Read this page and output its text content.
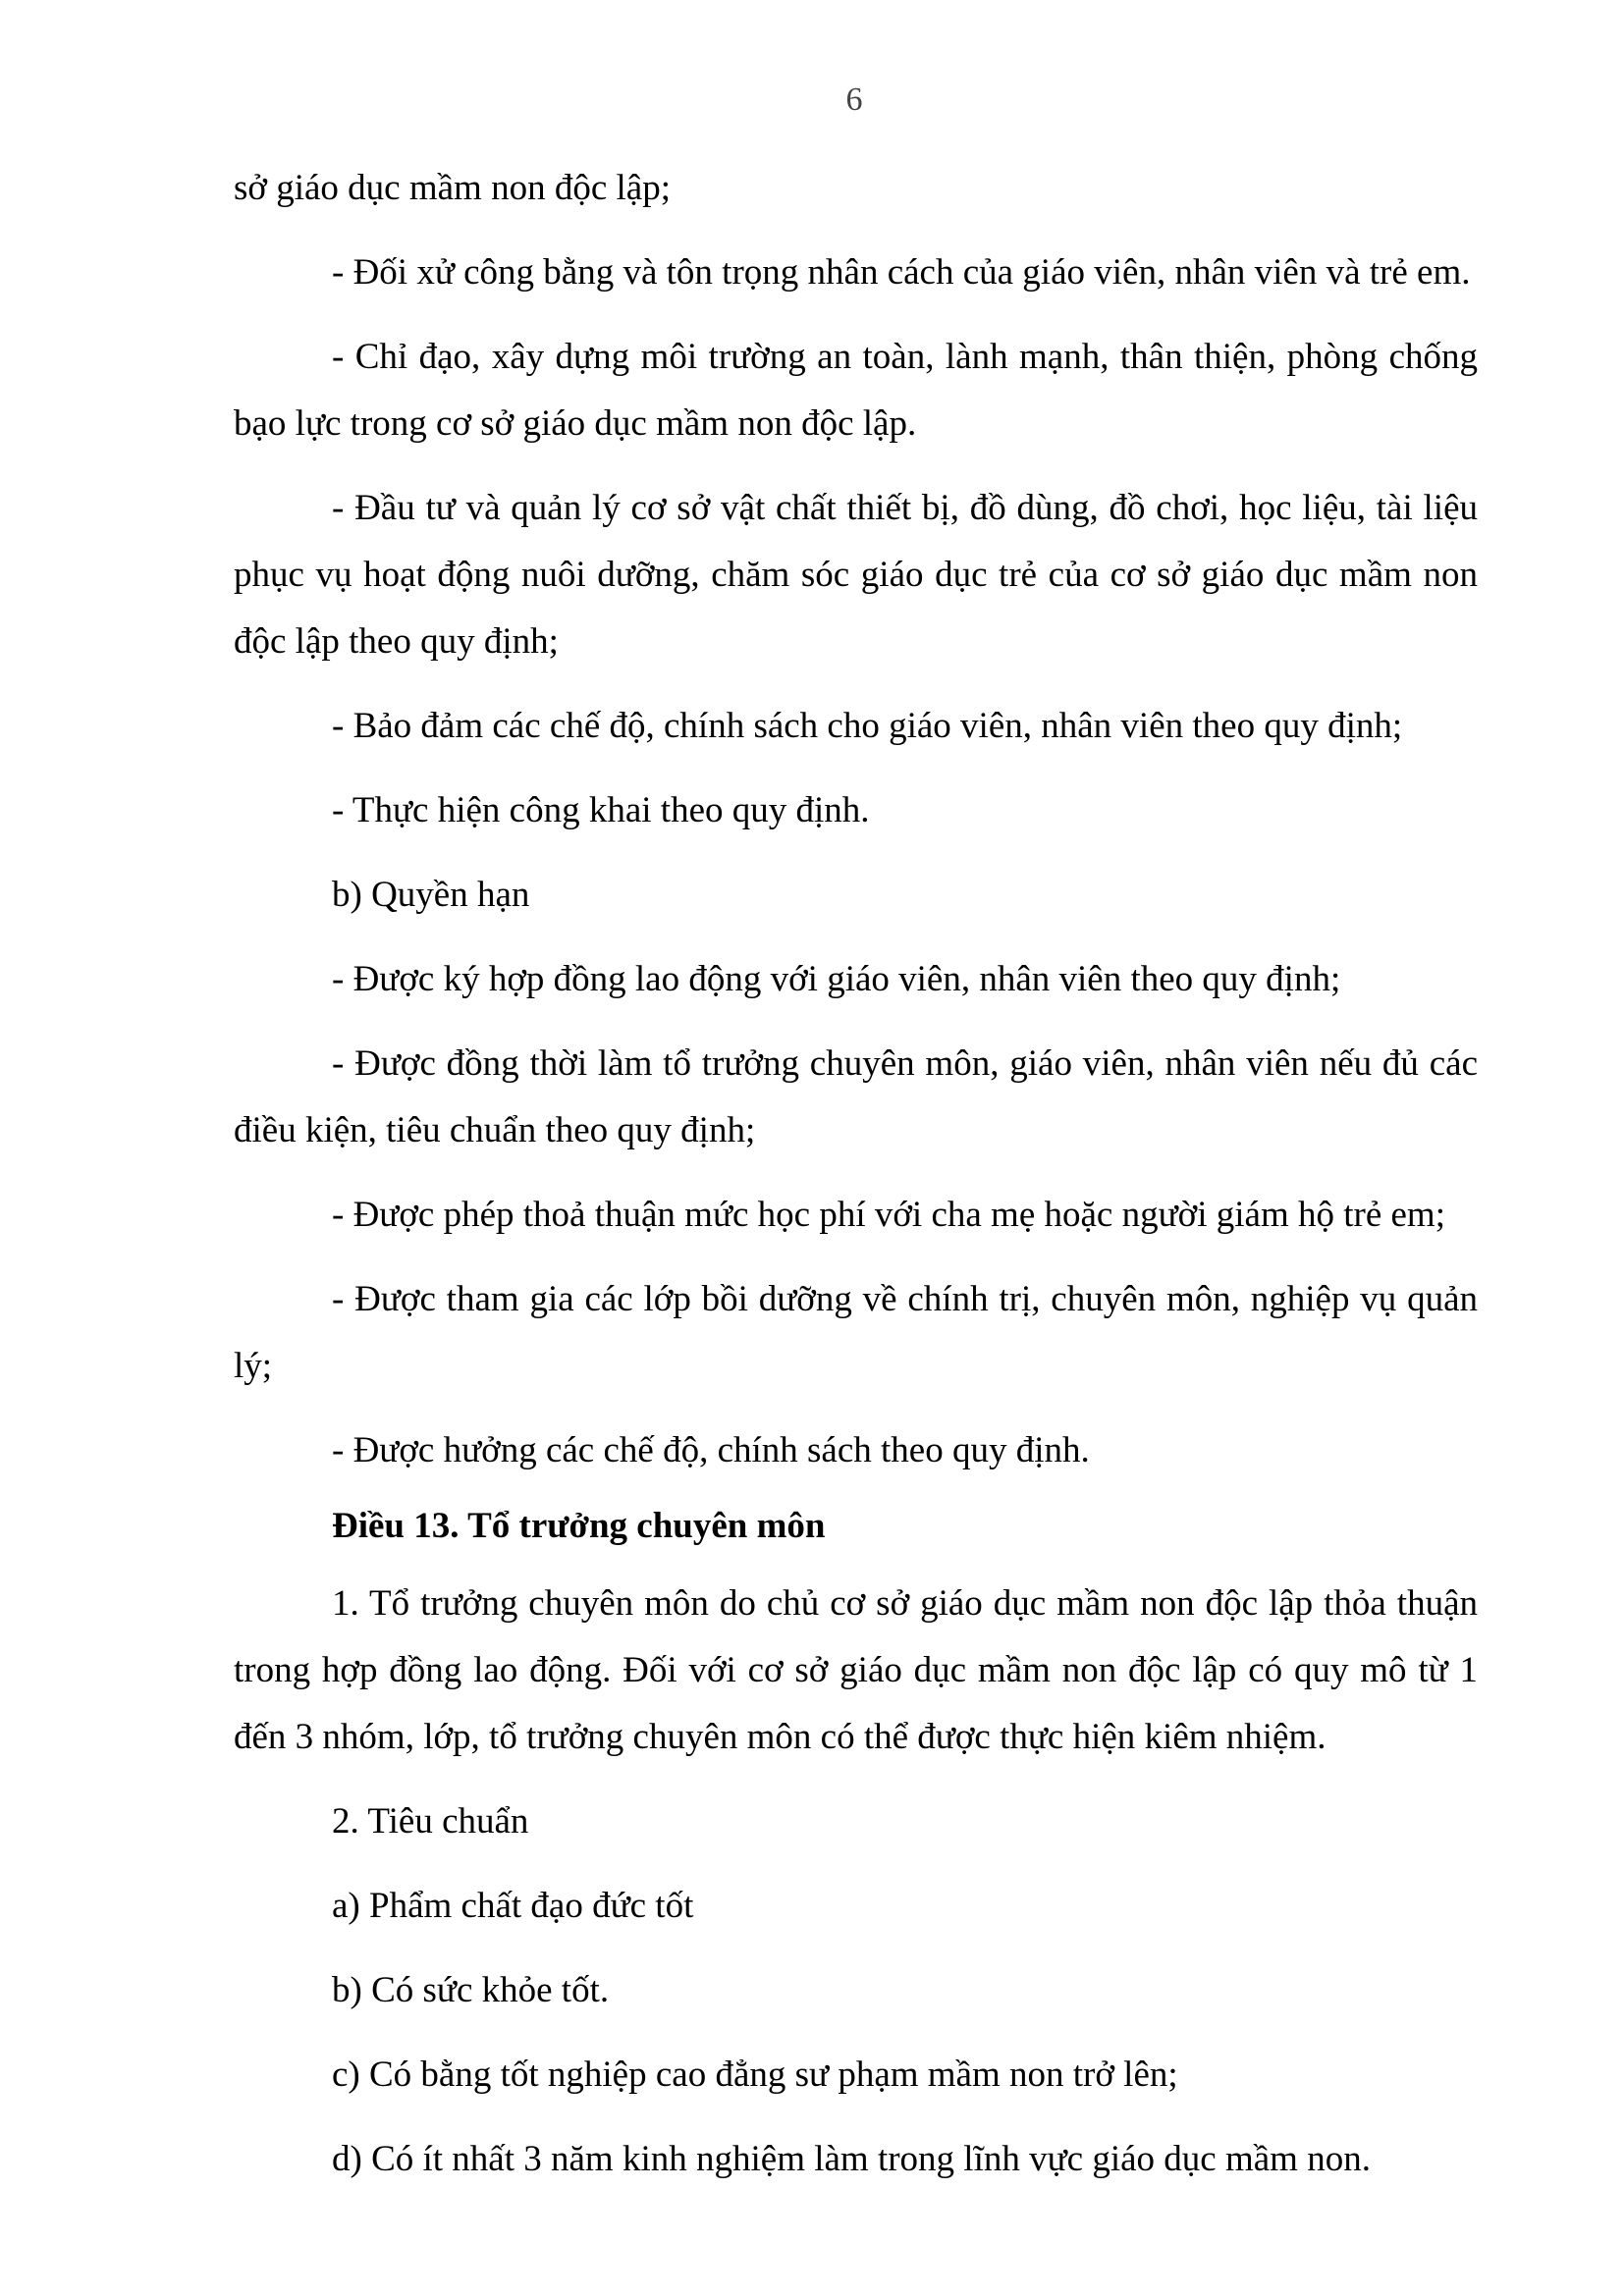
6

sở giáo dục mầm non độc lập;

- Đối xử công bằng và tôn trọng nhân cách của giáo viên, nhân viên và trẻ em.

- Chỉ đạo, xây dựng môi trường an toàn, lành mạnh, thân thiện, phòng chống bạo lực trong cơ sở giáo dục mầm non độc lập.

- Đầu tư và quản lý cơ sở vật chất thiết bị, đồ dùng, đồ chơi, học liệu, tài liệu phục vụ hoạt động nuôi dưỡng, chăm sóc giáo dục trẻ của cơ sở giáo dục mầm non độc lập theo quy định;

- Bảo đảm các chế độ, chính sách cho giáo viên, nhân viên theo quy định;

- Thực hiện công khai theo quy định.

b) Quyền hạn

- Được ký hợp đồng lao động với giáo viên, nhân viên theo quy định;

- Được đồng thời làm tổ trưởng chuyên môn, giáo viên, nhân viên nếu đủ các điều kiện, tiêu chuẩn theo quy định;

- Được phép thoả thuận mức học phí với cha mẹ hoặc người giám hộ trẻ em;

- Được tham gia các lớp bồi dưỡng về chính trị, chuyên môn, nghiệp vụ quản lý;

- Được hưởng các chế độ, chính sách theo quy định.

Điều 13. Tổ trưởng chuyên môn

1. Tổ trưởng chuyên môn do chủ cơ sở giáo dục mầm non độc lập thỏa thuận trong hợp đồng lao động. Đối với cơ sở giáo dục mầm non độc lập có quy mô từ 1 đến 3 nhóm, lớp, tổ trưởng chuyên môn có thể được thực hiện kiêm nhiệm.

2. Tiêu chuẩn

a) Phẩm chất đạo đức tốt

b) Có sức khỏe tốt.

c) Có bằng tốt nghiệp cao đẳng sư phạm mầm non trở lên;

d) Có ít nhất 3 năm kinh nghiệm làm trong lĩnh vực giáo dục mầm non.
